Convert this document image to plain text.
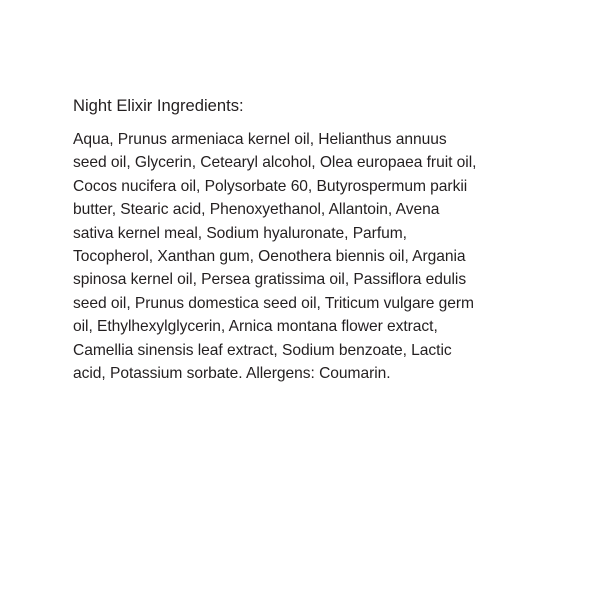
Night Elixir Ingredients:

Aqua, Prunus armeniaca kernel oil, Helianthus annuus
seed oil, Glycerin, Cetearyl alcohol, Olea europaea fruit oil,
Cocos nucifera oil, Polysorbate 60, Butyrospermum parkii
butter, Stearic acid, Phenoxyethanol, Allantoin, Avena
sativa kernel meal, Sodium hyaluronate, Parfum,
Tocopherol, Xanthan gum, Oenothera biennis oil, Argania
spinosa kernel oil, Persea gratissima oil, Passiflora edulis
seed oil, Prunus domestica seed oil, Triticum vulgare germ
oil, Ethylhexylglycerin, Arnica montana flower extract,
Camellia sinensis leaf extract, Sodium benzoate, Lactic
acid, Potassium sorbate. Allergens: Coumarin.
